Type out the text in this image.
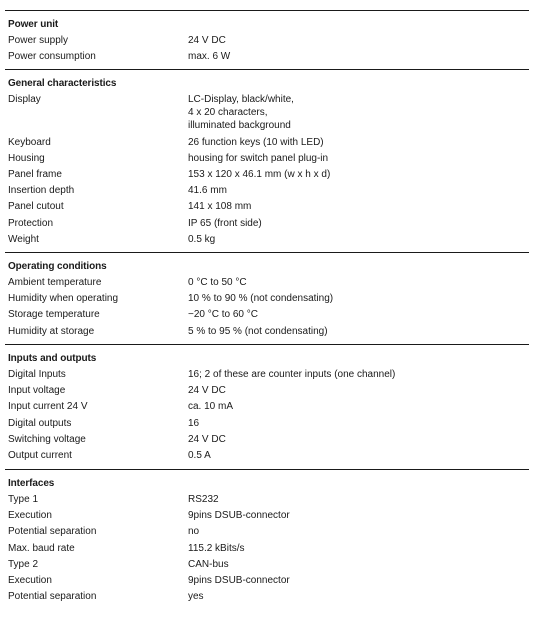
Power unit
Power supply	24 V DC
Power consumption	max. 6 W
General characteristics
Display	LC-Display, black/white,
4 x 20 characters,
illuminated background
Keyboard	26 function keys (10 with LED)
Housing	housing for switch panel plug-in
Panel frame	153 x 120 x 46.1 mm (w x h x d)
Insertion depth	41.6 mm
Panel cutout	141 x 108 mm
Protection	IP 65 (front side)
Weight	0.5 kg
Operating conditions
Ambient temperature	0 °C to 50 °C
Humidity when operating	10 % to 90 % (not condensating)
Storage temperature	−20 °C to 60 °C
Humidity at storage	5 % to 95 % (not condensating)
Inputs and outputs
Digital Inputs	16; 2 of these are counter inputs (one channel)
Input voltage	24 V DC
Input current 24 V	ca. 10 mA
Digital outputs	16
Switching voltage	24 V DC
Output current	0.5 A
Interfaces
Type 1	RS232
Execution	9pins DSUB-connector
Potential separation	no
Max. baud rate	115.2 kBits/s
Type 2	CAN-bus
Execution	9pins DSUB-connector
Potential separation	yes
